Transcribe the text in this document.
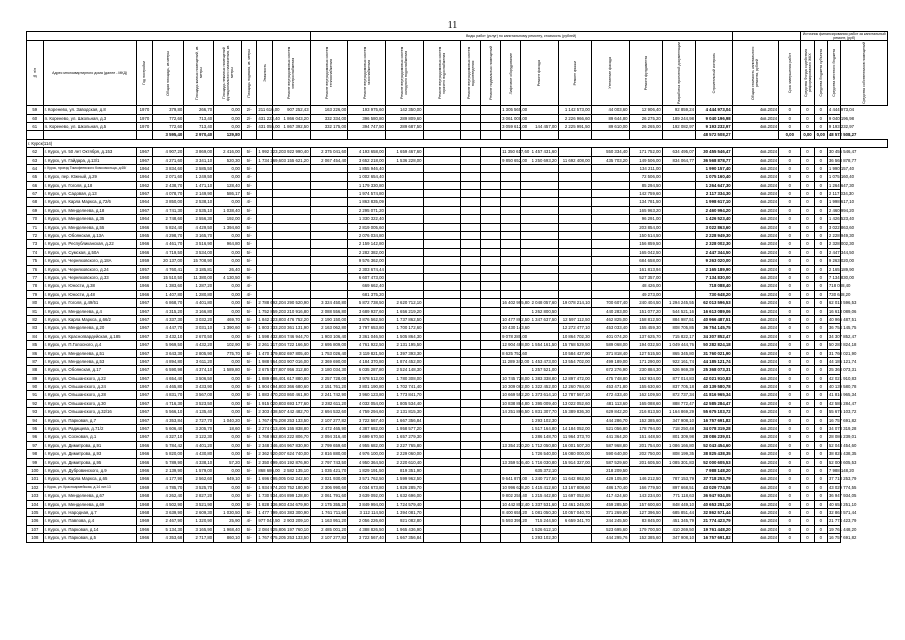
11
									Виды работ (услуг) по капитальному ремонту, стоимость (рублей)															Источник финансирования работ за капитальный ремонт, (руб)			

№ п/п	Адрес многоквартирного дома (далее - МКД)	Год постройки	Общая площадь, кв.метры	Площадь жилых помещений, кв. метры	Площадь нежилых помещений функционального назначения, кв. метры	Площадь подвала, кв. метры	Этажность	Ремонт внутридомовых систем электроснабжения	Ремонт внутридомовых систем теплоснабжения	Ремонт внутридомовых систем газоснабжения	Ремонт внутридомовых систем холодного водоснабжения	Ремонт внутридомовых систем горячего водоснабжения	Ремонт внутридомовых систем водоотведения	Ремонт подвальных помещений	Лифтовое оборудование	Ремонт фасада	Ремонт крыши	Утепление фасада	Ремонт фундамента	Разработка проектной документации	Строительный контроль	Общая стоимость капитального ремонта, рублей	Срок завершения работ	Средства Фонда содействия реформированию ЖКХ	Средства бюджета субъекта	Средства местного бюджета	Средства собственников помещений

59	г. Коренево, ул. Заводская, д.8	1970	379,80	266,70	0,00	2/-	211 616,00	907 252,43	163 226,00	193 975,60	142 350,00				1 305 565,00		1 142 573,00	44 003,60	12 906,40	92 859,24	4 444 973,04	4кв.2024	0	0	0	4 444 973,04	
60	п. Коренево, ул. Школьная, д.3	1970	772,60	713,40	0,00	2/-	431 222,40	1 866 043,20	332 334,00	396 580,80	289 809,60				3 061 000,00		2 226 966,60	89 644,80	26 275,20	189 244,98	9 040 196,98	4кв.2024	0	0	0	9 040 196,98	
61	п. Коренево, ул. Школьная, д.5	1970	772,60	713,40	0,00	2/-	431 055,00	1 867 392,50	332 175,00	394 747,50	289 687,50				3 059 612,00	144 457,00	2 225 991,50	89 610,00	26 265,00	192 082,97	9 193 232,97	4кв.2024	0	0	0	9 193 232,97	
			3 595,40	2 970,40	129,80																48 572 508,27		0,00	0,00	0,00	48 572 508,27	
г. Курск(114)																											
62	г. Курск, ул. 50 лет Октября, д.153	1967	4 907,20	3 869,00	2 416,00	5/-	1 992 323,20	3 922 990,40	2 375 041,60	4 193 658,00	1 659 467,60				11 350 617,60	1 457 431,60		550 334,40	171 752,00	634 495,07	30 455 546,47	4кв.2024	0	0	0	30 455 546,47	
63	г. Курск, ул. Гайдара, д.13/1	1967	4 271,60	3 341,10	520,30	5/-	1 734 269,60	3 155 621,20	2 067 454,40	3 652 218,00	1 536 228,00				9 850 652,00	1 250 693,20	11 692 408,00	435 703,20	149 506,00	834 064,77	36 568 878,77	4кв.2024	0	0	0	36 568 878,77	
64	г. Курск, проезд Тимофеевского Комсомольца, д.65/	1964	3 834,60	2 585,50	0,00	5/-				1 855 946,40									134 211,00		1 990 157,40	4кв.2024	0	0	0	1 990 157,40	
65	г. Курск, пер. Южный, д.29	1964	2 071,60	1 249,50	0,00	4/-				1 002 654,40									72 506,00		1 075 160,40	4кв.2024	0	0	0	1 075 160,40	
66	г. Курск, ул. Гоголя, д.18	1962	2 438,70	1 471,10	128,40	5/-				1 179 330,80									85 294,50		1 264 647,30	4кв.2024	0	0	0	1 264 647,30	
67	г. Курск, ул. Садовая, д.13	1967	4 078,70	2 149,90	586,17	5/-				1 974 574,80									142 759,60		2 117 334,30	4кв.2024	0	0	0	2 117 334,30	
68	г. Курск, ул. Карла Маркса, д.72/6	1964	3 850,00	2 538,10	0,00	4/-				1 863 835,09									134 781,50		1 998 617,10	4кв.2024	0	0	0	1 998 617,10	
69	г. Курск, ул. Менделеева, д.18	1967	4 741,30	2 535,10	1 038,40	5/-				2 295 071,20									165 963,20		2 460 994,20	4кв.2024	0	0	0	2 460 994,20	
70	г. Курск, ул. Менделеева, д.35	1964	2 748,60	2 556,30	192,00	4/-				1 330 322,40									96 291,00		1 426 523,40	4кв.2024	0	0	0	1 426 523,40	
71	г. Курск, ул. Менделеева, д.55	1966	5 824,40	4 429,50	1 394,60	5/-				2 819 005,60									203 854,00		3 022 863,60	4кв.2024	0	0	0	3 022 863,60	
72	г. Курск, ул. Обоянская, д.13А	1965	4 298,70	3 165,70	0,00	5/-				2 076 034,80									150 514,50		2 228 949,30	4кв.2024	0	0	0	2 228 949,30	
73	г. Курск, ул. Республиканская, д.22	1966	4 461,70	3 516,90	964,80	5/-				2 159 142,80									156 859,50		2 328 002,30	4кв.2024	0	0	0	2 328 002,30	
74	г. Курск, ул. Сумская, д.50А	1966	4 719,50	3 534,00	0,00	5/-				2 282 382,00									165 042,50		2 447 344,50	4кв.2024	0	0	0	2 447 344,50	
75	г. Курск, ул. Черняховского, д.18А	1959	20 137,00	15 708,90	0,00	5/-				9 576 362,00									684 658,00		9 263 020,00	4кв.2024	0	0	0	9 263 020,00	
76	г. Курск, ул. Черняховского, д.24	1957	4 760,41	3 185,81	26,40	5/-				2 303 674,44									161 813,94		2 165 189,90	4кв.2024	0	0	0	2 165 189,90	
77	г. Курск, ул. Черняховского, д.33	1960	15 510,50	11 380,00	4 130,50	9/-				6 607 473,00									527 357,00		7 134 830,00	4кв.2024	0	0	0	7 134 830,00	
78	г. Курск, ул. Юности, д.38	1966	1 383,60	1 287,20	0,00	4/-				669 662,40									48 426,00		718 088,40	4кв.2024	0	0	0	718 088,40	
79	г. Курск, ул. Юности, д.48	1966	1 407,80	1 280,80	0,00	4/-				681 375,20									49 273,00		730 648,20	4кв.2024	0	0	0	730 648,20	
80	г. Курск, ул. Гоголя, д.49/51	1967	6 868,70	4 401,80	0,00	5/-	2 788 692,20	4 290 520,90	3 324 450,80	5 872 738,50	2 620 712,10				16 402 995,80	2 048 057,60	19 078 214,10	700 607,40	240 404,50	1 294 245,55	62 013 596,53	4кв.2024	0	0	0	62 013 596,53	
81	г. Курск, ул. Менделеева, д.4	1967	4 315,20	3 166,80	0,00	5/-	1 752 859,20	3 210 916,80	2 088 556,80	3 689 937,60	1 656 219,20					1 262 800,50		440 283,00	151 077,20	544 521,16	16 613 089,06	4кв.2024	0	0	0	16 613 089,06	
82	г. Курск, ул. Карла Маркса, д.66/2	1967	4 337,30	3 032,20	469,70	5/-	1 842 223,80	3 476 752,20	2 190 150,00	3 876 562,50	1 737 862,50				10 477 862,50	1 347 637,50	12 597 112,50	462 825,00	158 812,50	884 987,51	40 966 487,51	4кв.2024	0	0	0	40 966 487,51	
83	г. Курск, ул. Менделеева, д.20	1967	4 447,70	3 031,10	1 390,60	5/-	1 803 333,20	3 361 131,90	2 163 062,80	3 797 653,80	1 700 172,60				10 430 143,60		12 272 477,10	453 033,40	155 459,30	808 705,85	36 754 145,75	4кв.2024	0	0	0	36 754 145,75	
84	г. Курск, ул. Красногвардейская, д.185	1967	3 432,10	2 670,50	0,00	5/-	1 598 432,80	4 746 944,70	1 903 106,40	3 361 046,50	1 505 864,30				9 078 280,00		10 864 702,30	401 074,20	137 625,70	715 822,17	34 307 852,47	4кв.2024	0	0	0	34 307 852,47	
85	г. Курск, ул. П.Голосного, д.4	1967	5 969,50	4 432,20	102,90	5/-	2 261 217,00	4 722 166,50	2 695 809,00	4 761 922,50	2 131 195,50				12 904 488,00	1 554 161,50	15 768 529,50	589 068,00	194 032,50	1 049 444,76	50 282 824,18	4кв.2024	0	0	0	50 282 824,18	
86	г. Курск, ул. Менделеева, д.51	1967	3 643,30	2 805,90	775,70	5/-	1 470 179,80	2 697 805,40	1 753 026,40	3 119 821,50	1 397 393,30				8 625 752,60		10 584 427,90	371 818,40	127 515,50	865 345,80	31 760 021,90	4кв.2024	0	0	0	31 760 021,90	
87	г. Курск, ул. Менделеева, д.53	1967	4 894,80	3 611,20	0,00	5/-	1 988 964,00	3 907 016,00	2 369 690,00	4 184 370,80	1 874 452,00				11 289 342,00	1 453 473,00	13 554 702,00	499 189,00	171 290,00	922 161,74	44 185 121,74	4кв.2024	0	0	0	44 185 121,74	
88	г. Курск, ул. Обоянская, д.17	1967	6 590,98	4 374,10	1 589,80	5/-	2 675 537,80	7 956 312,80	3 180 034,30	6 035 287,80	2 524 148,30					1 257 521,00		672 276,90	230 884,30	526 969,39	25 368 073,31	4кв.2024	0	0	0	25 368 073,31	
89	г. Курск, ул. Ольшанского, д.22	1967	4 654,40	3 506,50	0,00	5/-	1 889 686,40	1 617 880,80	2 257 728,00	3 978 512,00	1 780 308,00				10 745 728,00	1 383 338,80	12 897 472,00	475 748,80	162 934,00	877 014,83	42 021 910,83	4кв.2024	0	0	0	42 021 910,83	
90	г. Курск, ул. Ольшанского, д.24	1967	4 465,80	3 433,90	0,00	5/-	1 904 094,80	3 366 680,60	2 151 761,20	3 801 190,80	1 702 741,40				10 309 062,00	1 322 452,00	12 260 784,00	453 471,80	155 630,60	837 705,18	40 139 580,78	4кв.2024	0	0	0	40 139 580,78	
91	г. Курск, ул. Ольшанского, д.28	1967	4 831,70	3 567,00	0,00	5/-	1 883 470,20	3 860 461,90	2 241 742,90	3 960 123,80	1 773 841,70				10 669 592,20	1 373 614,10	12 787 567,10	472 433,40	162 109,50	872 737,34	41 816 965,34	4кв.2024	0	0	0	41 816 965,34	
92	г. Курск, ул. Ольшанского, д.30	1967	4 716,30	3 523,50	0,00	5/-	1 915 020,80	3 693 177,60	2 282 611,20	4 032 054,00	1 805 534,40				10 838 884,80	1 395 009,40	13 022 052,60	481 113,60	165 088,60	888 772,47	42 585 284,47	4кв.2024	0	0	0	42 585 284,47	
93	г. Курск, ул. Ольшанского, д.32/16	1967	5 566,10	4 135,40	0,00	5/-	2 303 438,50	7 442 482,70	2 694 532,60	4 759 294,60	2 131 815,30				14 251 866,50	1 831 307,70	15 389 836,30	629 842,20	216 813,50	1 164 869,29	55 675 103,72	4кв.2024	0	0	0	55 675 103,72	
94	г. Курск, ул. Парковая, д.7	1967	4 353,84	2 727,70	1 040,20	5/-	1 767 675,20	8 253 133,50	2 107 277,82	3 722 567,40	1 667 356,84					1 293 102,30		444 286,70	152 385,60	347 908,10	16 757 691,82	4кв.2024	0	0	0	16 757 691,82	
95	г. Курск, ул. Радищева, д.71/2	1967	5 606,40	3 205,70	18,60	5/-	2 274 013,40	6 155 838,80	2 472 465,90	4 387 682,00	1 958 577,20					1 517 164,80	14 184 052,00	521 056,80	178 794,00	718 250,48	34 078 319,28	4кв.2024	0	0	0	34 078 319,28	
96	г. Курск, ул. Сосновая, д.1	1967	4 327,10	3 122,30	0,00	5/-	1 768 862,80	4 222 806,70	2 094 316,40	3 699 670,50	1 657 279,30					1 286 148,70	11 964 373,70	441 364,20	151 448,50	801 309,98	28 086 239,01	4кв.2024	0	0	0	28 086 239,01	
97	г. Курск, ул. Димитрова, д.91	1966	5 784,42	4 401,20	0,00	5/-	2 348 346,40	4 967 830,90	2 799 659,60	4 955 682,00	2 227 765,80				13 354 230,20	1 712 050,80	16 001 507,20	587 968,80	201 754,00	1 086 166,80	52 043 454,60	4кв.2024	0	0	0	52 043 454,60	
98	г. Курск, ул. Димитрова, д.93	1966	5 820,00	4 430,80	0,00	5/-	2 362 920,00	7 624 740,00	2 816 880,00	4 976 100,00	2 229 060,00					1 726 540,00	16 080 000,00	590 640,00	202 750,00	808 199,35	38 825 438,35	4кв.2024	0	0	0	38 825 438,35	
99	г. Курск, ул. Димитрова, д.95	1966	5 789,90	4 338,10	57,20	5/-	2 350 699,40	4 192 876,90	2 797 743,50	4 950 364,50	2 220 610,40				13 359 516,40	1 716 030,80	15 914 327,00	587 529,60	201 605,50	1 085 301,83	52 000 605,53	4кв.2024	0	0	0	52 000 605,53	
100	г. Курск, ул. Дубровинского, д.9	1966	2 139,90	1 579,00	0,00	5/-	868 686,00	2 582 135,10	1 035 421,70	1 829 191,50	819 351,90					635 372,10		218 209,50			7 988 148,20	4кв.2024	0	0	0	7 988 148,20	
101	г. Курск, ул. Карла Маркса, д.65	1966	4 177,90	2 562,60	649,10	5/-	1 696 095,00	5 042 242,50	2 021 930,00	3 571 762,50	1 599 962,50				9 641 870,00	1 240 717,50	11 642 862,50	429 105,00	146 212,50	787 153,79	37 718 253,79	4кв.2024	0	0	0	37 718 253,79	
102	г. Курск, ул. Красноармейская, д.14 лит.13	1969	4 785,70	3 525,70	0,00	5/-	1 934 874,20	3 752 180,90	2 306 990,60	4 034 673,80	1 826 285,70				10 996 628,20	1 415 412,60	13 167 808,60	486 170,40	166 779,50	897 668,51	43 029 774,55	4кв.2024	0	0	0	43 029 774,55	
103	г. Курск, ул. Менделеева, д.67	1968	4 262,40	2 827,20	0,00	5/-	1 730 534,40	4 899 128,80	2 061 791,60	3 639 092,00	1 632 696,00				9 802 250,40	1 215 442,80	11 697 052,80	417 424,60	143 234,00	771 118,63	36 947 934,05	4кв.2024	0	0	0	36 947 934,05	
104	г. Курск, ул. Менделеева, д.69	1968	4 502,90	3 521,90	0,00	5/-	1 828 136,90	3 434 679,90	2 175 355,20	3 849 994,00	1 724 579,40				10 442 802,40	1 337 531,60	12 461 245,00	459 285,50	157 600,60	848 449,10	40 653 251,10	4кв.2024	0	0	0	40 653 251,10	
105	г. Курск, ул. Народная, д.7	1968	3 639,90	2 609,30	1 030,50	5/-	1 477 799,40	4 383 300,90	1 761 711,60	3 112 114,50	1 394 081,70				8 400 650,20	1 081 050,30	10 057 040,70	371 269,80	127 396,50	685 851,44	32 862 571,44	4кв.2024	0	0	0	32 862 571,44	
106	г. Курск, ул. Павлова, д.4	1969	2 467,90	1 320,90	25,90	4/-	977 042,50	2 903 209,10	1 163 951,20	2 056 226,60	921 082,80				5 593 390,20	715 244,50	6 659 341,70	244 245,50	83 845,00	451 345,79	21 774 423,79	4кв.2024	0	0	0	21 774 423,79	
107	г. Курск, ул. Парковая, д.14	1966	5 134,30	3 165,90	1 968,40	5/-	2 084 925,80	6 197 760,10	2 485 001,20	4 388 826,50	1 965 436,90					1 526 612,10		523 695,60	179 700,50	410 269,50	19 761 448,20	4кв.2024	0	0	0	19 761 448,20	
108	г. Курск, ул. Парковая, д.5	1966	4 353,68	2 717,80	860,10	5/-	1 767 675,20	5 253 133,50	2 107 277,82	3 722 567,40	1 667 356,84					1 293 102,30		444 295,76	152 385,60	347 908,10	16 757 691,82	4кв.2024	0	0	0	16 757 691,82	
